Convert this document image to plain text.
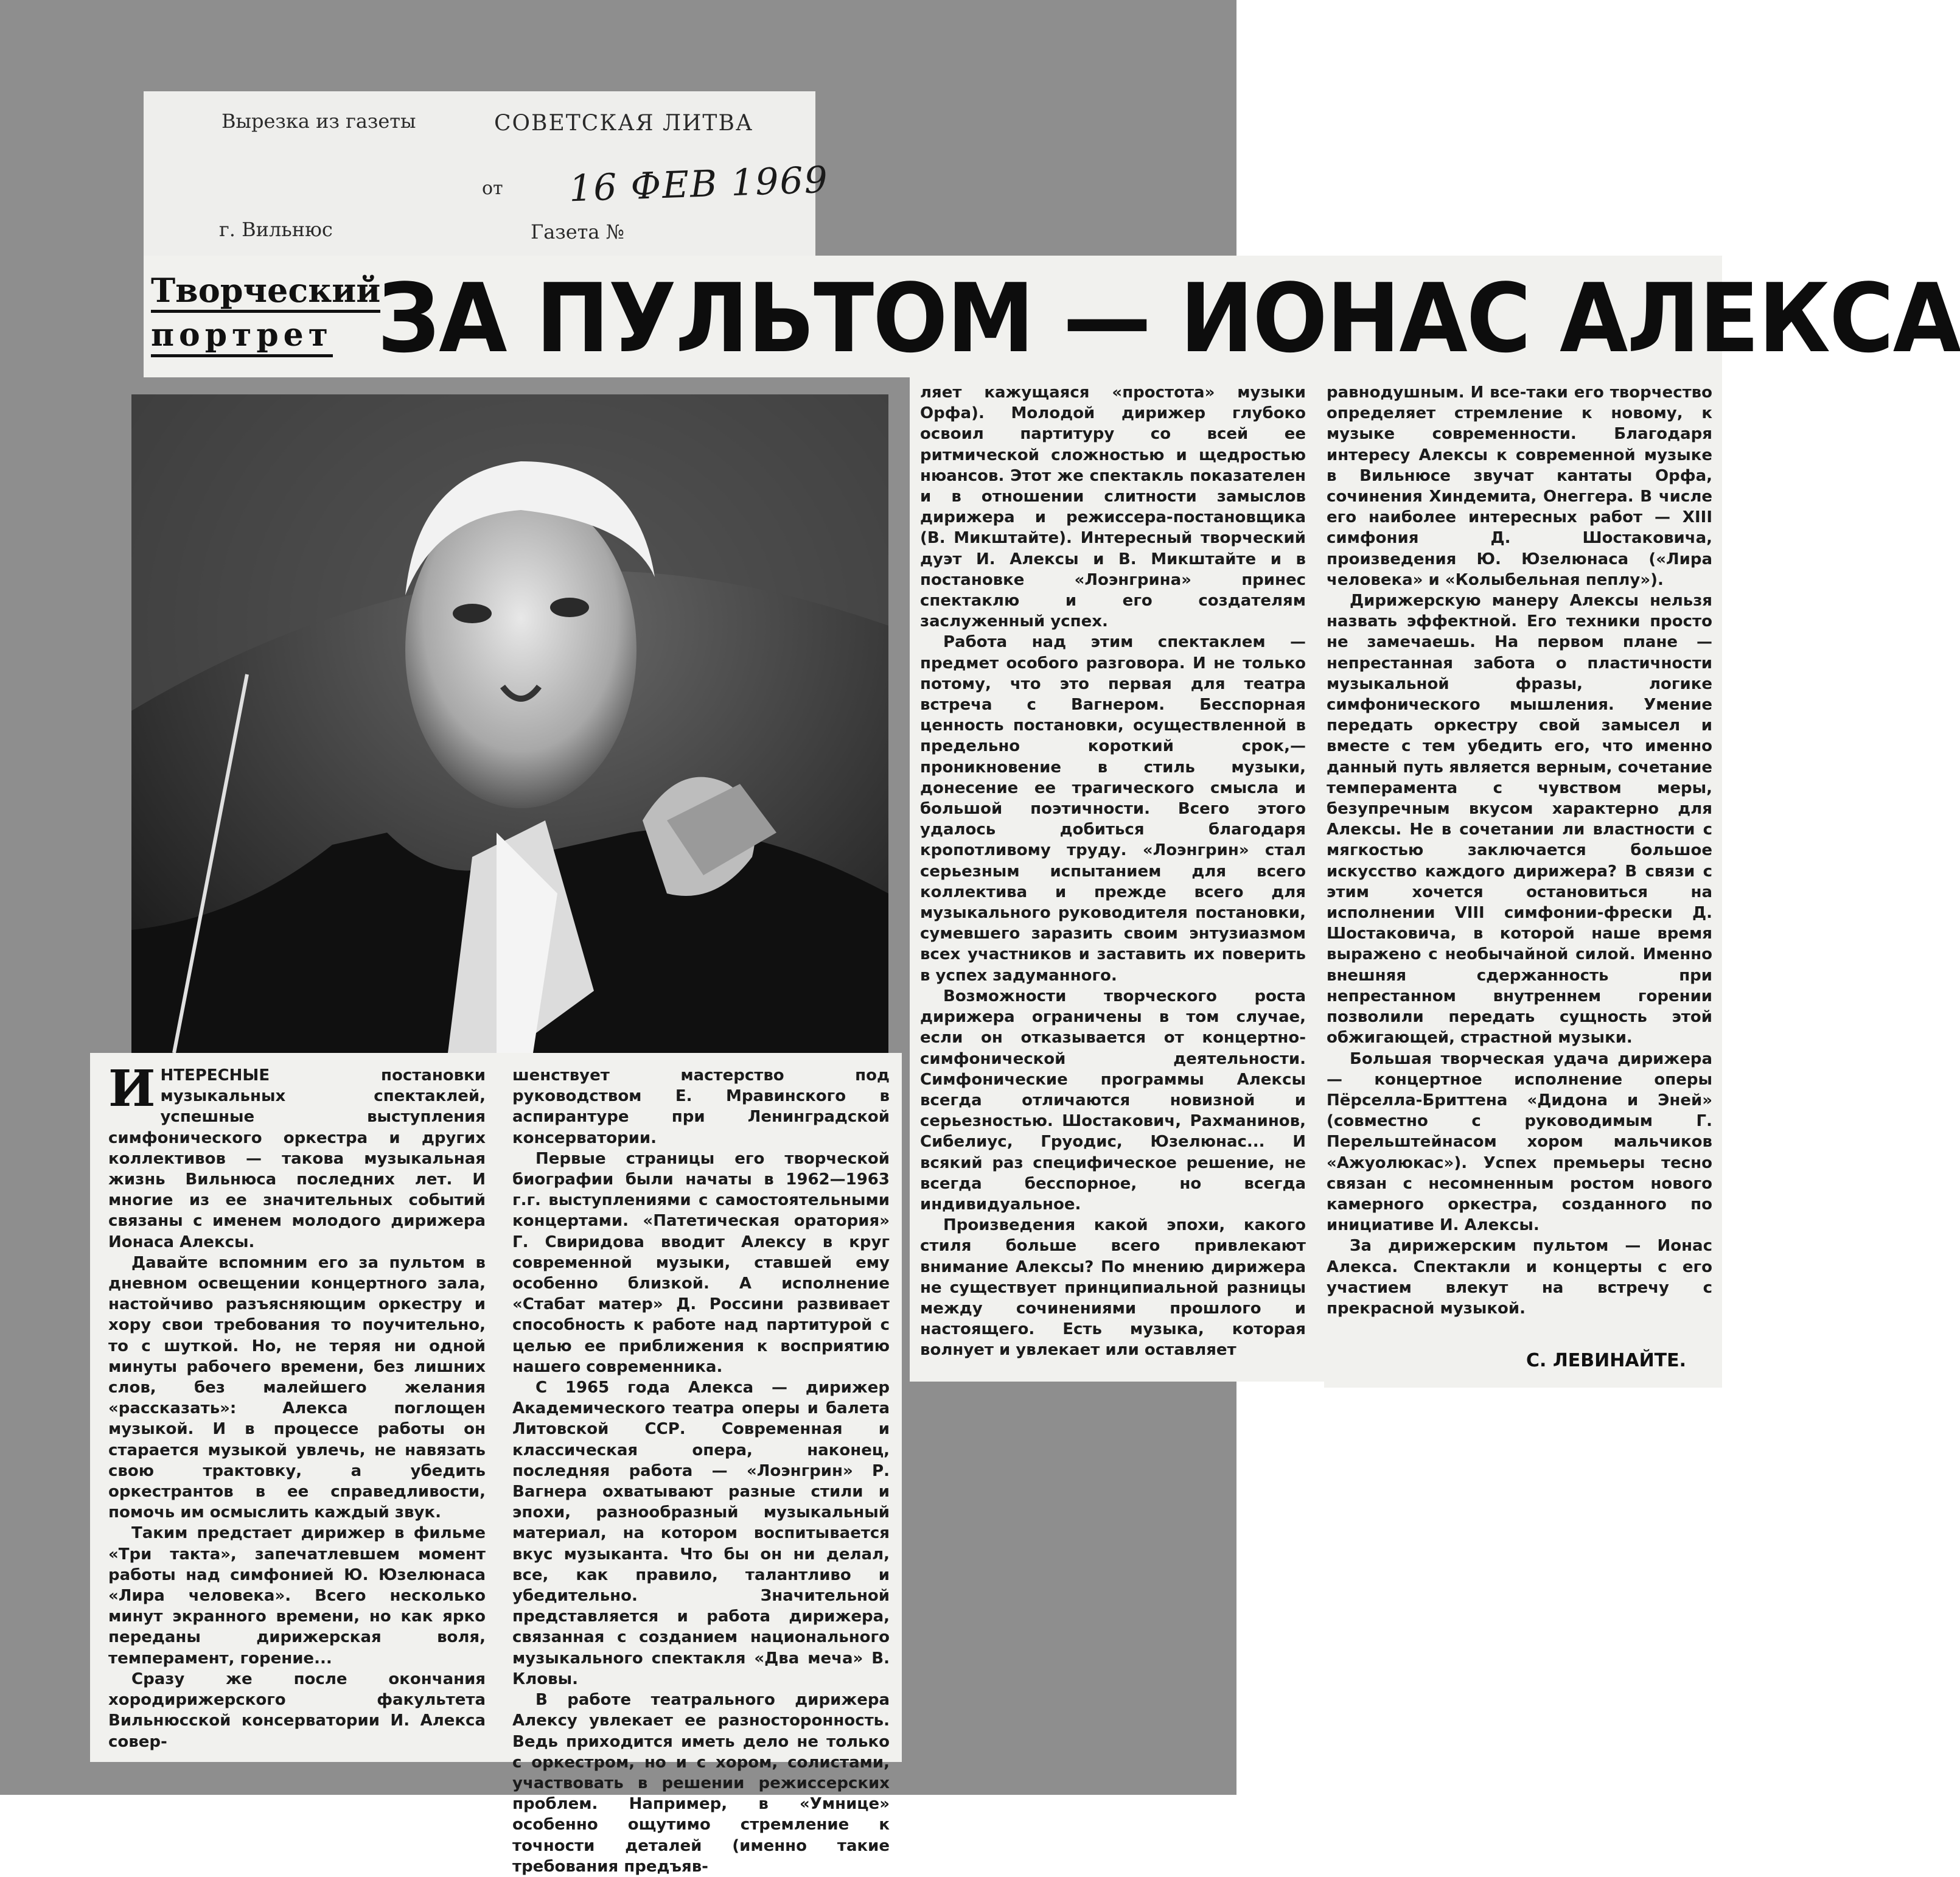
Вырезка из газеты	СОВЕТСКАЯ ЛИТВА
от 16 ФЕВ 1969
г. Вильнюс	Газета №
Творческий
портрет ЗА ПУЛЬТОМ — ИОНАС АЛЕКСА
И НТЕРЕСНЫЕ постановки музыкальных спектаклей, успешные выступления симфонического оркестра и других коллективов — такова музыкальная жизнь Вильнюса последних лет. И многие из ее значительных событий связаны с именем молодого дирижера Ионаса Алексы.

Давайте вспомним его за пультом в дневном освещении концертного зала, настойчиво разъясняющим оркестру и хору свои требования то поучительно, то с шуткой. Но, не теряя ни одной минуты рабочего времени, без лишних слов, без малейшего желания «рассказать»: Алекса поглощен музыкой. И в процессе работы он старается музыкой увлечь, не навязать свою трактовку, а убедить оркестрантов в ее справедливости, помочь им осмыслить каждый звук.

Таким предстает дирижер в фильме «Три такта», запечатлевшем момент работы над симфонией Ю. Юзелюнаса «Лира человека». Всего несколько минут экранного времени, но как ярко переданы дирижерская воля, темперамент, горение...

Сразу же после окончания хородирижерского факультета Вильнюсской консерватории И. Алекса совер-

шенствует мастерство под руководством Е. Мравинского в аспирантуре при Ленинградской консерватории.

Первые страницы его творческой биографии были начаты в 1962—1963 г.г. выступлениями с самостоятельными концертами. «Патетическая оратория» Г. Свиридова вводит Алексу в круг современной музыки, ставшей ему особенно близкой. А исполнение «Стабат матер» Д. Россини развивает способность к работе над партитурой с целью ее приближения к восприятию нашего современника.

С 1965 года Алекса — дирижер Академического театра оперы и балета Литовской ССР. Современная и классическая опера, наконец, последняя работа — «Лоэнгрин» Р. Вагнера охватывают разные стили и эпохи, разнообразный музыкальный материал, на котором воспитывается вкус музыканта. Что бы он ни делал, все, как правило, талантливо и убедительно. Значительной представляется и работа дирижера, связанная с созданием национального музыкального спектакля «Два меча» В. Кловы.

В работе театрального дирижера Алексу увлекает ее разносторонность. Ведь приходится иметь дело не только с оркестром, но и с хором, солистами, участвовать в решении режиссерских проблем. Например, в «Умнице» особенно ощутимо стремление к точности деталей (именно такие требования предъяв-

ляет кажущаяся «простота» музыки Орфа). Молодой дирижер глубоко освоил партитуру со всей ее ритмической сложностью и щедростью нюансов. Этот же спектакль показателен и в отношении слитности замыслов дирижера и режиссера-постановщика (В. Микштайте). Интересный творческий дуэт И. Алексы и В. Микштайте и в постановке «Лоэнгрина» принес спектаклю и его создателям заслуженный успех.

Работа над этим спектаклем — предмет особого разговора. И не только потому, что это первая для театра встреча с Вагнером. Бесспорная ценность постановки, осуществленной в предельно короткий срок,— проникновение в стиль музыки, донесение ее трагического смысла и большой поэтичности. Всего этого удалось добиться благодаря кропотливому труду. «Лоэнгрин» стал серьезным испытанием для всего коллектива и прежде всего для музыкального руководителя постановки, сумевшего заразить своим энтузиазмом всех участников и заставить их поверить в успех задуманного.

Возможности творческого роста дирижера ограничены в том случае, если он отказывается от концертно-симфонической деятельности. Симфонические программы Алексы всегда отличаются новизной и серьезностью. Шостакович, Рахманинов, Сибелиус, Груодис, Юзелюнас... И всякий раз специфическое решение, не всегда бесспорное, но всегда индивидуальное.

Произведения какой эпохи, какого стиля больше всего привлекают внимание Алексы? По мнению дирижера не существует принципиальной разницы между сочинениями прошлого и настоящего. Есть музыка, которая волнует и увлекает или оставляет

равнодушным. И все-таки его творчество определяет стремление к новому, к музыке современности. Благодаря интересу Алексы к современной музыке в Вильнюсе звучат кантаты Орфа, сочинения Хиндемита, Онеггера. В числе его наиболее интересных работ — XIII симфония Д. Шостаковича, произведения Ю. Юзелюнаса («Лира человека» и «Колыбельная пеплу»).

Дирижерскую манеру Алексы нельзя назвать эффектной. Его техники просто не замечаешь. На первом плане — непрестанная забота о пластичности музыкальной фразы, логике симфонического мышления. Умение передать оркестру свой замысел и вместе с тем убедить его, что именно данный путь является верным, сочетание темперамента с чувством меры, безупречным вкусом характерно для Алексы. Не в сочетании ли властности с мягкостью заключается большое искусство каждого дирижера? В связи с этим хочется остановиться на исполнении VIII симфонии-фрески Д. Шостаковича, в которой наше время выражено с необычайной силой. Именно внешняя сдержанность при непрестанном внутреннем горении позволили передать сущность этой обжигающей, страстной музыки.

Большая творческая удача дирижера — концертное исполнение оперы Пёрселла-Бриттена «Дидона и Эней» (совместно с руководимым Г. Перельштейнасом хором мальчиков «Ажуолюкас»). Успех премьеры тесно связан с несомненным ростом нового камерного оркестра, созданного по инициативе И. Алексы.

За дирижерским пультом — Ионас Алекса. Спектакли и концерты с его участием влекут на встречу с прекрасной музыкой.

С. ЛЕВИНАЙТЕ.
